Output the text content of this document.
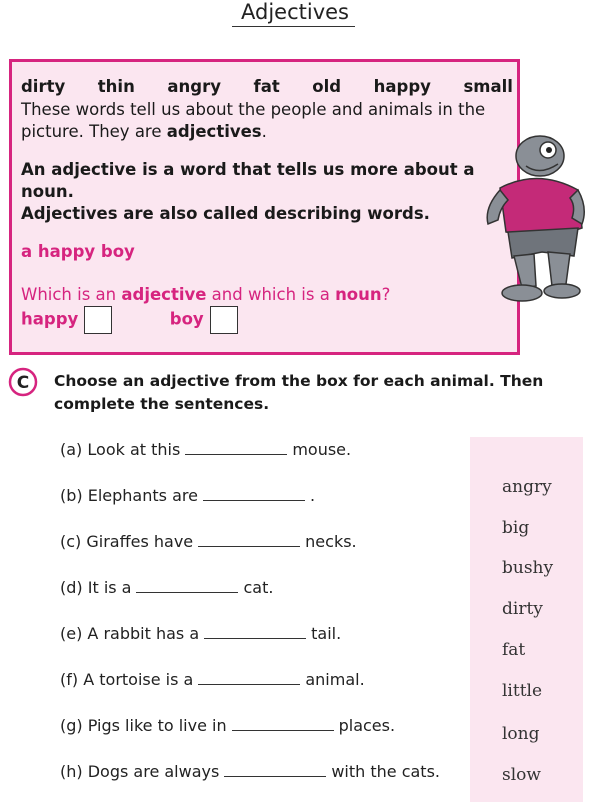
Adjectives
dirty thin angry fat old happy small
These words tell us about the people and animals in the
picture. They are adjectives.
An adjective is a word that tells us more about a
noun.
Adjectives are also called describing words.
a happy boy
Which is an adjective and which is a noun?
happy	boy
C Choose an adjective from the box for each animal. Then
complete the sentences.
(a) Look at this	mouse.
(b) Elephants are	.
(c) Giraffes have	necks.
(d) It is a	cat.
(e) A rabbit has a	tail.
(f) A tortoise is a	animal.
(g) Pigs like to live in	places.
(h) Dogs are always	with the cats.
angry
big
bushy
dirty
fat
little
long
slow
